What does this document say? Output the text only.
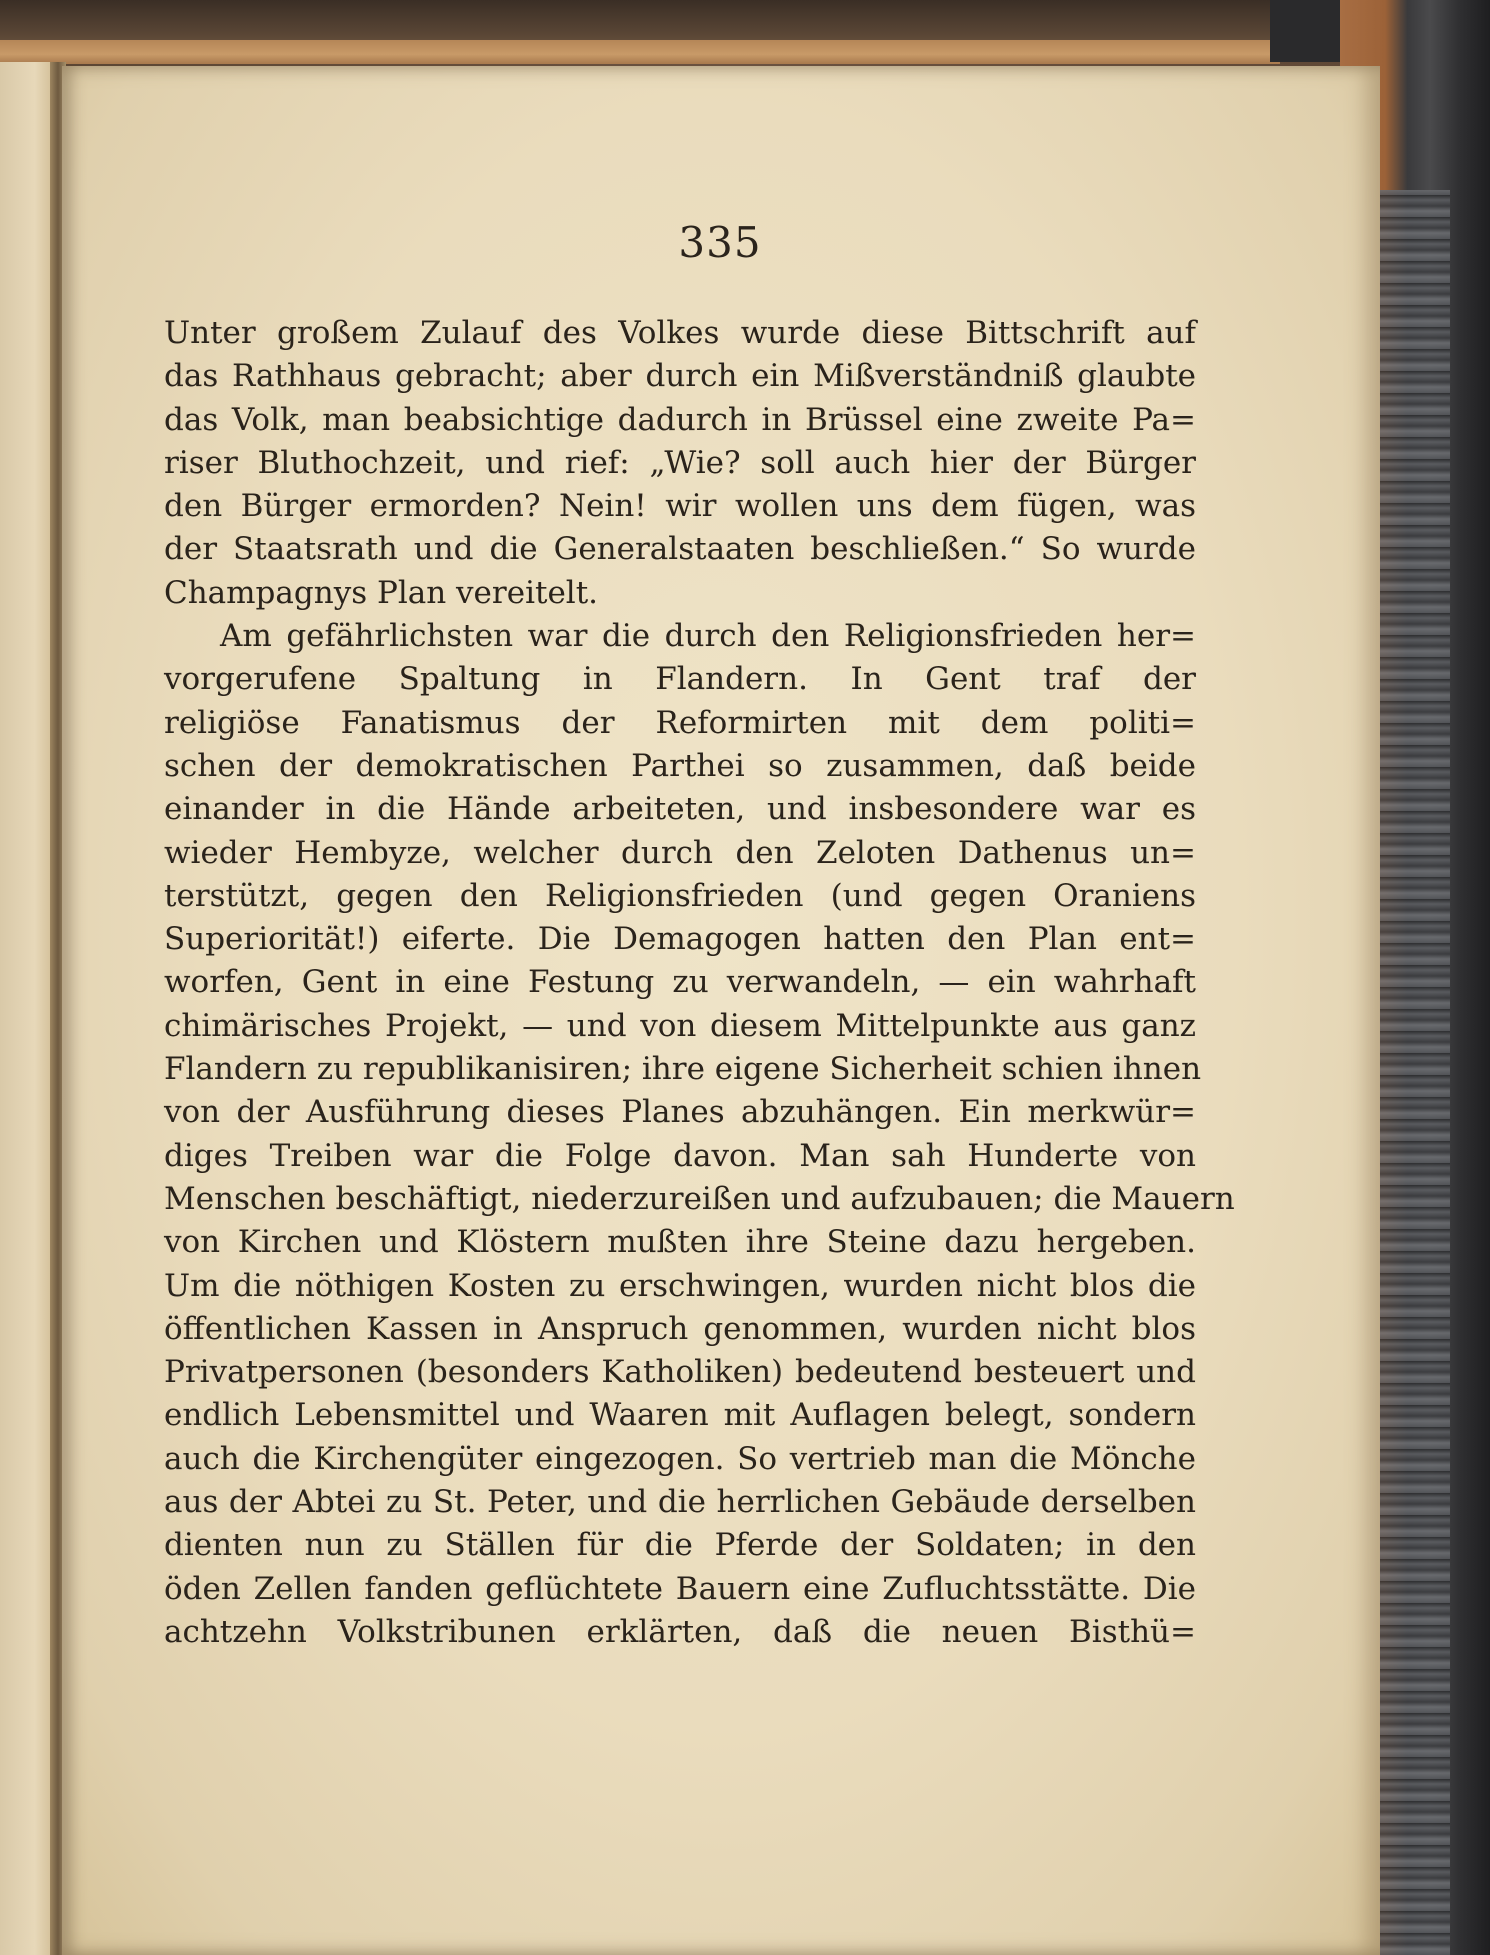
335
Unter großem Zulauf des Volkes wurde diese Bittschrift auf
das Rathhaus gebracht; aber durch ein Mißverständniß glaubte
das Volk, man beabsichtige dadurch in Brüssel eine zweite Pa=
riser Bluthochzeit, und rief: „Wie? soll auch hier der Bürger
den Bürger ermorden? Nein! wir wollen uns dem fügen, was
der Staatsrath und die Generalstaaten beschließen.“ So wurde
Champagnys Plan vereitelt.
Am gefährlichsten war die durch den Religionsfrieden her=
vorgerufene Spaltung in Flandern. In Gent traf der
religiöse Fanatismus der Reformirten mit dem politi=
schen der demokratischen Parthei so zusammen, daß beide
einander in die Hände arbeiteten, und insbesondere war es
wieder Hembyze, welcher durch den Zeloten Dathenus un=
terstützt, gegen den Religionsfrieden (und gegen Oraniens
Superiorität!) eiferte. Die Demagogen hatten den Plan ent=
worfen, Gent in eine Festung zu verwandeln, — ein wahrhaft
chimärisches Projekt, — und von diesem Mittelpunkte aus ganz
Flandern zu republikanisiren; ihre eigene Sicherheit schien ihnen
von der Ausführung dieses Planes abzuhängen. Ein merkwür=
diges Treiben war die Folge davon. Man sah Hunderte von
Menschen beschäftigt, niederzureißen und aufzubauen; die Mauern
von Kirchen und Klöstern mußten ihre Steine dazu hergeben.
Um die nöthigen Kosten zu erschwingen, wurden nicht blos die
öffentlichen Kassen in Anspruch genommen, wurden nicht blos
Privatpersonen (besonders Katholiken) bedeutend besteuert und
endlich Lebensmittel und Waaren mit Auflagen belegt, sondern
auch die Kirchengüter eingezogen. So vertrieb man die Mönche
aus der Abtei zu St. Peter, und die herrlichen Gebäude derselben
dienten nun zu Ställen für die Pferde der Soldaten; in den
öden Zellen fanden geflüchtete Bauern eine Zufluchtsstätte. Die
achtzehn Volkstribunen erklärten, daß die neuen Bisthü=
